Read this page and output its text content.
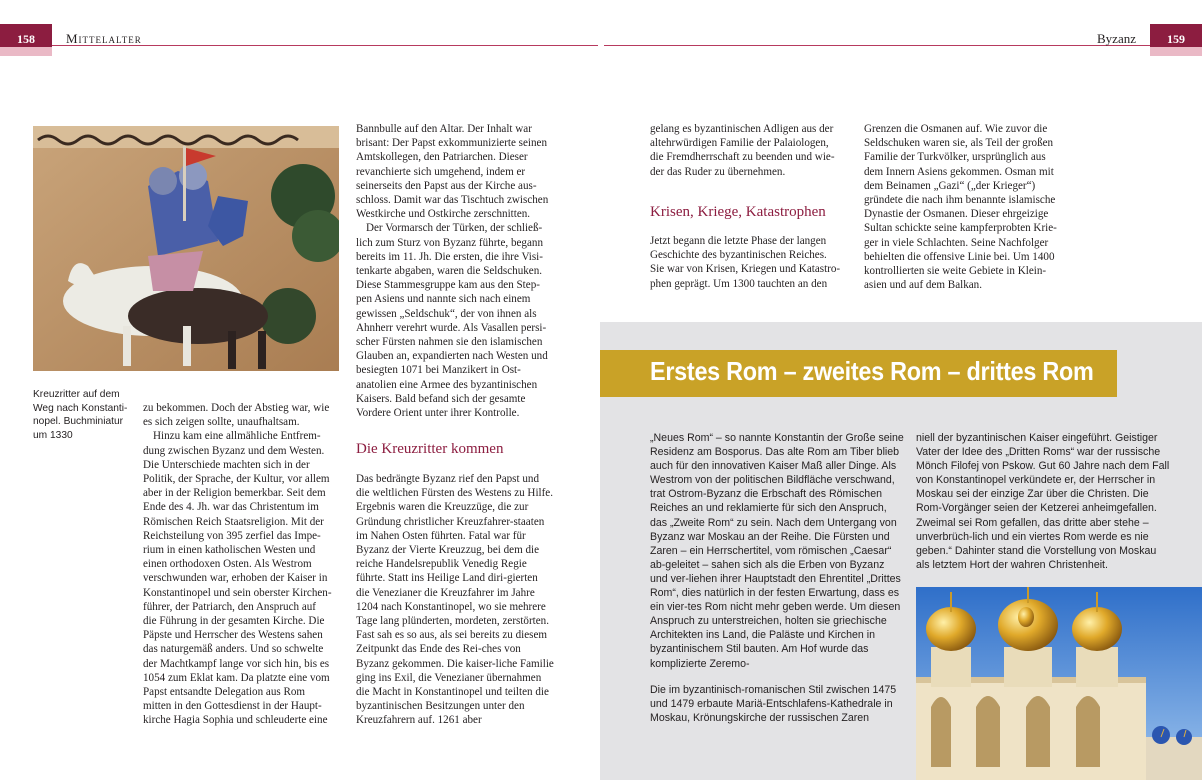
158	Mittelalter	Byzanz	159
Kreuzritter auf dem Weg nach Konstanti-nopel. Buchminiatur um 1330

zu bekommen. Doch der Abstieg war, wie es sich zeigen sollte, unaufhaltsam.

Hinzu kam eine allmähliche Entfrem-dung zwischen Byzanz und dem Westen. Die Unterschiede machten sich in der Politik, der Sprache, der Kultur, vor allem aber in der Religion bemerkbar. Seit dem Ende des 4. Jh. war das Christentum im Römischen Reich Staatsreligion. Mit der Reichsteilung von 395 zerfiel das Impe-rium in einen katholischen Westen und einen orthodoxen Osten. Als Westrom verschwunden war, erhoben der Kaiser in Konstantinopel und sein oberster Kirchen-führer, der Patriarch, den Anspruch auf die Führung in der gesamten Kirche. Die Päpste und Herrscher des Westens sahen das naturgemäß anders. Und so schwelte der Machtkampf lange vor sich hin, bis es 1054 zum Eklat kam. Da platzte eine vom Papst entsandte Delegation aus Rom mitten in den Gottesdienst in der Haupt-kirche Hagia Sophia und schleuderte eine

Bannbulle auf den Altar. Der Inhalt war brisant: Der Papst exkommunizierte seinen Amtskollegen, den Patriarchen. Dieser revanchierte sich umgehend, indem er seinerseits den Papst aus der Kirche aus-schloss. Damit war das Tischtuch zwischen Westkirche und Ostkirche zerschnitten.

Der Vormarsch der Türken, der schließ-lich zum Sturz von Byzanz führte, begann bereits im 11. Jh. Die ersten, die ihre Visi-tenkarte abgaben, waren die Seldschuken. Diese Stammesgruppe kam aus den Step-pen Asiens und nannte sich nach einem gewissen „Seldschuk“, der von ihnen als Ahnherr verehrt wurde. Als Vasallen persi-scher Fürsten nahmen sie den islamischen Glauben an, expandierten nach Westen und besiegten 1071 bei Manzikert in Ost-anatolien eine Armee des byzantinischen Kaisers. Bald befand sich der gesamte Vordere Orient unter ihrer Kontrolle.

Die Kreuzritter kommen
Das bedrängte Byzanz rief den Papst und die weltlichen Fürsten des Westens zu Hilfe. Ergebnis waren die Kreuzzüge, die zur Gründung christlicher Kreuzfahrer-staaten im Nahen Osten führten. Fatal war für Byzanz der Vierte Kreuzzug, bei dem die reiche Handelsrepublik Venedig Regie führte. Statt ins Heilige Land diri-gierten die Venezianer die Kreuzfahrer im Jahre 1204 nach Konstantinopel, wo sie mehrere Tage lang plünderten, mordeten, zerstörten. Fast sah es so aus, als sei bereits zu diesem Zeitpunkt das Ende des Rei-ches von Byzanz gekommen. Die kaiser-liche Familie ging ins Exil, die Venezianer übernahmen die Macht in Konstantinopel und teilten die byzantinischen Besitzungen unter den Kreuzfahrern auf. 1261 aber
gelang es byzantinischen Adligen aus der altehrwürdigen Familie der Palaiologen, die Fremdherrschaft zu beenden und wie-der das Ruder zu übernehmen.
Krisen, Kriege, Katastrophen
Jetzt begann die letzte Phase der langen Geschichte des byzantinischen Reiches. Sie war von Krisen, Kriegen und Katastro-phen geprägt. Um 1300 tauchten an den
Grenzen die Osmanen auf. Wie zuvor die Seldschuken waren sie, als Teil der großen Familie der Turkvölker, ursprünglich aus dem Innern Asiens gekommen. Osman mit dem Beinamen „Gazi“ („der Krieger“) gründete die nach ihm benannte islamische Dynastie der Osmanen. Dieser ehrgeizige Sultan schickte seine kampferprobten Krie-ger in viele Schlachten. Seine Nachfolger behielten die offensive Linie bei. Um 1400 kontrollierten sie weite Gebiete in Klein-asien und auf dem Balkan.
Erstes Rom – zweites Rom – drittes Rom
„Neues Rom“ – so nannte Konstantin der Große seine Residenz am Bosporus. Das alte Rom am Tiber blieb auch für den innovativen Kaiser Maß aller Dinge. Als Westrom von der politischen Bildfläche verschwand, trat Ostrom-Byzanz die Erbschaft des Römischen Reiches an und reklamierte für sich den Anspruch, das „Zweite Rom“ zu sein. Nach dem Untergang von Byzanz war Moskau an der Reihe. Die Fürsten und Zaren – ein Herrschertitel, vom römischen „Caesar“ ab-geleitet – sahen sich als die Erben von Byzanz und ver-liehen ihrer Hauptstadt den Ehrentitel „Drittes Rom“, dies natürlich in der festen Erwartung, dass es ein vier-tes Rom nicht mehr geben werde. Um diesen Anspruch zu unterstreichen, holten sie griechische Architekten ins Land, die Paläste und Kirchen in byzantinischem Stil bauten. Am Hof wurde das komplizierte Zeremo-
niell der byzantinischen Kaiser eingeführt. Geistiger Vater der Idee des „Dritten Roms“ war der russische Mönch Filofej von Pskow. Gut 60 Jahre nach dem Fall von Konstantinopel verkündete er, der Herrscher in Moskau sei der einzige Zar über die Christen. Die Rom-Vorgänger seien der Ketzerei anheimgefallen. Zweimal sei Rom gefallen, das dritte aber stehe – unverbrüch-lich und ein viertes Rom werde es nie geben.“ Dahinter stand die Vorstellung von Moskau als letztem Hort der wahren Christenheit.
Die im byzantinisch-romanischen Stil zwischen 1475 und 1479 erbaute Mariä-Entschlafens-Kathedrale in Moskau, Krönungskirche der russischen Zaren
